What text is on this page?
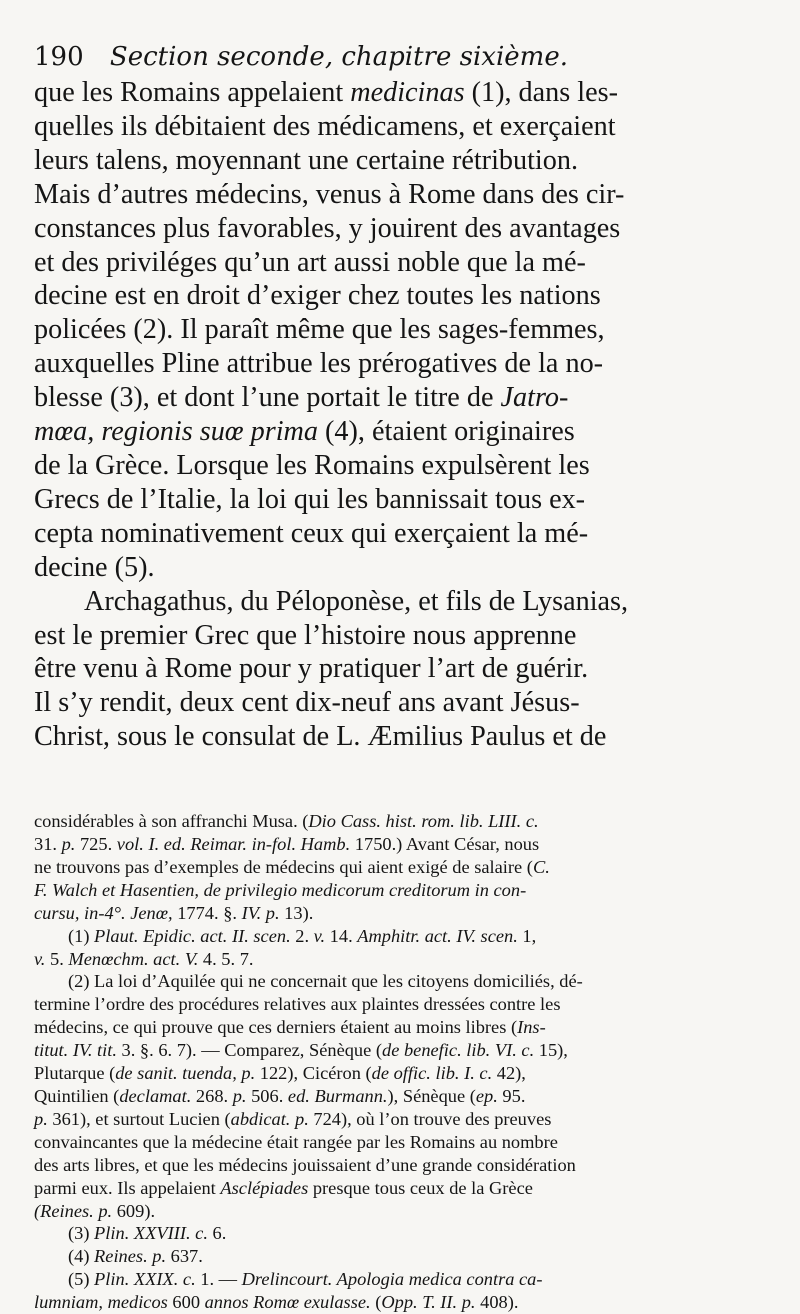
190 Section seconde, chapitre sixième.
que les Romains appelaient medicinas (1), dans les-
quelles ils débitaient des médicamens, et exerçaient
leurs talens, moyennant une certaine rétribution.
Mais d’autres médecins, venus à Rome dans des cir-
constances plus favorables, y jouirent des avantages
et des priviléges qu’un art aussi noble que la mé-
decine est en droit d’exiger chez toutes les nations
policées (2). Il paraît même que les sages-femmes,
auxquelles Pline attribue les prérogatives de la no-
blesse (3), et dont l’une portait le titre de Jatro-
mœa, regionis suœ prima (4), étaient originaires
de la Grèce. Lorsque les Romains expulsèrent les
Grecs de l’Italie, la loi qui les bannissait tous ex-
cepta nominativement ceux qui exerçaient la mé-
decine (5).
Archagathus, du Péloponèse, et fils de Lysanias,
est le premier Grec que l’histoire nous apprenne
être venu à Rome pour y pratiquer l’art de guérir.
Il s’y rendit, deux cent dix-neuf ans avant Jésus-
Christ, sous le consulat de L. Æmilius Paulus et de
considérables à son affranchi Musa. (Dio Cass. hist. rom. lib. LIII. c.
31. p. 725. vol. I. ed. Reimar. in-fol. Hamb. 1750.) Avant César, nous
ne trouvons pas d’exemples de médecins qui aient exigé de salaire (C.
F. Walch et Hasentien, de privilegio medicorum creditorum in con-
cursu, in-4°. Jenœ, 1774. §. IV. p. 13).
(1) Plaut. Epidic. act. II. scen. 2. v. 14. Amphitr. act. IV. scen. 1,
v. 5. Menœchm. act. V. 4. 5. 7.
(2) La loi d’Aquilée qui ne concernait que les citoyens domiciliés, dé-
termine l’ordre des procédures relatives aux plaintes dressées contre les
médecins, ce qui prouve que ces derniers étaient au moins libres (Ins-
titut. IV. tit. 3. §. 6. 7). — Comparez, Sénèque (de benefic. lib. VI. c. 15),
Plutarque (de sanit. tuenda, p. 122), Cicéron (de offic. lib. I. c. 42),
Quintilien (declamat. 268. p. 506. ed. Burmann.), Sénèque (ep. 95.
p. 361), et surtout Lucien (abdicat. p. 724), où l’on trouve des preuves
convaincantes que la médecine était rangée par les Romains au nombre
des arts libres, et que les médecins jouissaient d’une grande considération
parmi eux. Ils appelaient Asclépiades presque tous ceux de la Grèce
(Reines. p. 609).
(3) Plin. XXVIII. c. 6.
(4) Reines. p. 637.
(5) Plin. XXIX. c. 1. — Drelincourt. Apologia medica contra ca-
lumniam, medicos 600 annos Romœ exulasse. (Opp. T. II. p. 408).
